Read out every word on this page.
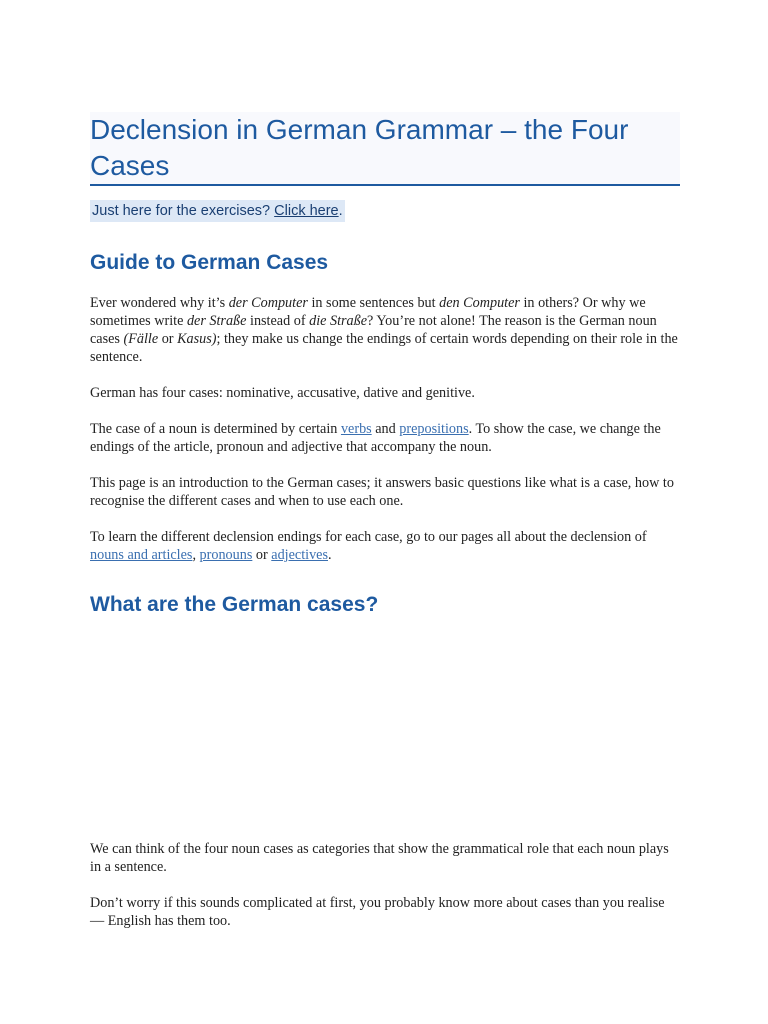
Declension in German Grammar – the Four Cases
Just here for the exercises? Click here.
Guide to German Cases

Ever wondered why it’s der Computer in some sentences but den Computer in others? Or why we sometimes write der Straße instead of die Straße? You’re not alone! The reason is the German noun cases (Fälle or Kasus); they make us change the endings of certain words depending on their role in the sentence.

German has four cases: nominative, accusative, dative and genitive.

The case of a noun is determined by certain verbs and prepositions. To show the case, we change the endings of the article, pronoun and adjective that accompany the noun.

This page is an introduction to the German cases; it answers basic questions like what is a case, how to recognise the different cases and when to use each one.

To learn the different declension endings for each case, go to our pages all about the declension of nouns and articles, pronouns or adjectives.

What are the German cases?

We can think of the four noun cases as categories that show the grammatical role that each noun plays in a sentence.

Don’t worry if this sounds complicated at first, you probably know more about cases than you realise — English has them too.
